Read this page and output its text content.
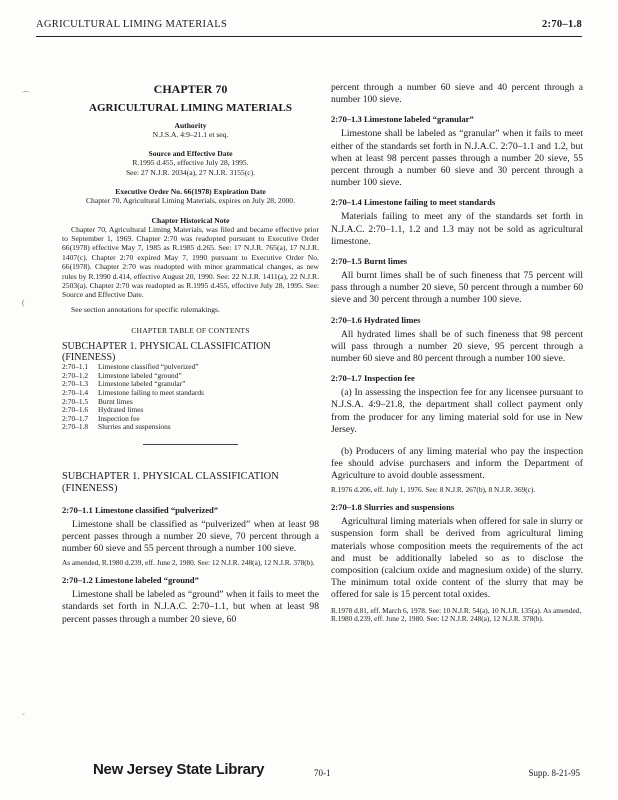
AGRICULTURAL LIMING MATERIALS	2:70–1.8
⌒
(
˘
CHAPTER 70
AGRICULTURAL LIMING MATERIALS
Authority
N.J.S.A. 4:9–21.1 et seq.
Source and Effective Date
R.1995 d.455, effective July 28, 1995.
See: 27 N.J.R. 2034(a), 27 N.J.R. 3155(c).
Executive Order No. 66(1978) Expiration Date
Chapter 70, Agricultural Liming Materials, expires on July 28, 2000.
Chapter Historical Note
Chapter 70, Agricultural Liming Materials, was filed and became effective prior to September 1, 1969. Chapter 2:70 was readopted pursuant to Executive Order 66(1978) effective May 7, 1985 as R.1985 d.265. See: 17 N.J.R. 765(a), 17 N.J.R. 1407(c). Chapter 2:70 expired May 7, 1990 pursuant to Executive Order No. 66(1978). Chapter 2:70 was readopted with minor grammatical changes, as new rules by R.1990 d.414, effective August 20, 1990. See: 22 N.J.R. 1411(a), 22 N.J.R. 2503(a). Chapter 2:70 was readopted as R.1995 d.455, effective July 28, 1995. See: Source and Effective Date.
See section annotations for specific rulemakings.
CHAPTER TABLE OF CONTENTS
SUBCHAPTER 1. PHYSICAL CLASSIFICATION (FINENESS)
2:70–1.1	Limestone classified “pulverized”
2:70–1.2	Limestone labeled “ground”
2:70–1.3	Limestone labeled “granular”
2:70–1.4	Limestone failing to meet standards
2:70–1.5	Burnt limes
2:70–1.6	Hydrated limes
2:70–1.7	Inspection fee
2:70–1.8	Slurries and suspensions
SUBCHAPTER 1. PHYSICAL CLASSIFICATION (FINENESS)
2:70–1.1 Limestone classified “pulverized”
Limestone shall be classified as “pulverized” when at least 98 percent passes through a number 20 sieve, 70 percent through a number 60 sieve and 55 percent through a number 100 sieve.
As amended, R.1980 d.239, eff. June 2, 1980. See: 12 N.J.R. 248(a), 12 N.J.R. 378(b).
2:70–1.2 Limestone labeled “ground”
Limestone shall be labeled as “ground” when it fails to meet the standards set forth in N.J.A.C. 2:70–1.1, but when at least 98 percent passes through a number 20 sieve, 60
percent through a number 60 sieve and 40 percent through a number 100 sieve.
2:70–1.3 Limestone labeled “granular”
Limestone shall be labeled as “granular” when it fails to meet either of the standards set forth in N.J.A.C. 2:70–1.1 and 1.2, but when at least 98 percent passes through a number 20 sieve, 55 percent through a number 60 sieve and 30 percent through a number 100 sieve.
2:70–1.4 Limestone failing to meet standards
Materials failing to meet any of the standards set forth in N.J.A.C. 2:70–1.1, 1.2 and 1.3 may not be sold as agricultural limestone.
2:70–1.5 Burnt limes
All burnt limes shall be of such fineness that 75 percent will pass through a number 20 sieve, 50 percent through a number 60 sieve and 30 percent through a number 100 sieve.
2:70–1.6 Hydrated limes
All hydrated limes shall be of such fineness that 98 percent will pass through a number 20 sieve, 95 percent through a number 60 sieve and 80 percent through a number 100 sieve.
2:70–1.7 Inspection fee
(a) In assessing the inspection fee for any licensee pursuant to N.J.S.A. 4:9–21.8, the department shall collect payment only from the producer for any liming material sold for use in New Jersey.
(b) Producers of any liming material who pay the inspection fee should advise purchasers and inform the Department of Agriculture to avoid double assessment.
R.1976 d.206, eff. July 1, 1976. See: 8 N.J.R. 267(b), 8 N.J.R. 369(c).
2:70–1.8 Slurries and suspensions
Agricultural liming materials when offered for sale in slurry or suspension form shall be derived from agricultural liming materials whose composition meets the requirements of the act and must be additionally labeled so as to disclose the composition (calcium oxide and magnesium oxide) of the slurry. The minimum total oxide content of the slurry that may be offered for sale is 15 percent total oxides.
R.1978 d.81, eff. March 6, 1978. See: 10 N.J.R. 54(a), 10 N.J.R. 135(a). As amended, R.1980 d.239, eff. June 2, 1980. See: 12 N.J.R. 248(a), 12 N.J.R. 378(b).
New Jersey State Library	70-1	Supp. 8-21-95
